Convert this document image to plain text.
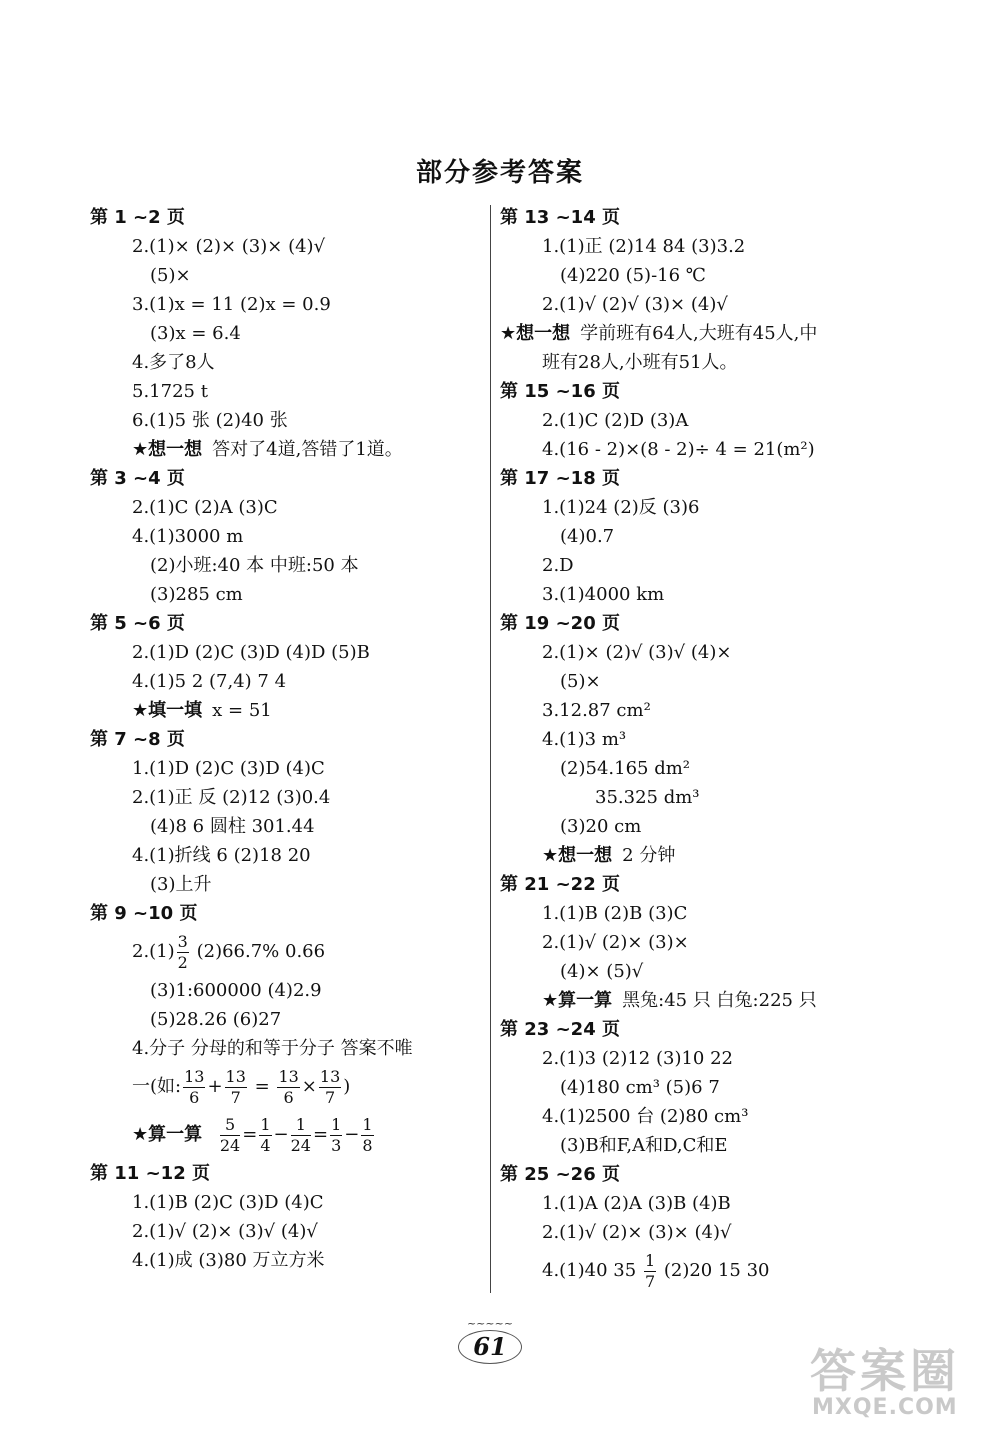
部分参考答案
第 1 ~2 页
2.(1)× (2)× (3)× (4)√
(5)×
3.(1)x = 11 (2)x = 0.9
(3)x = 6.4
4.多了8人
5.1725 t
6.(1)5 张 (2)40 张
★想一想 答对了4道,答错了1道。
第 3 ~4 页
2.(1)C (2)A (3)C
4.(1)3000 m
(2)小班:40 本 中班:50 本
(3)285 cm
第 5 ~6 页
2.(1)D (2)C (3)D (4)D (5)B
4.(1)5 2 (7,4) 7 4
★填一填 x = 51
第 7 ~8 页
1.(1)D (2)C (3)D (4)C
2.(1)正 反 (2)12 (3)0.4
(4)8 6 圆柱 301.44
4.(1)折线 6 (2)18 20
(3)上升
第 9 ~10 页
$2.(1) \frac{3}{2} (2)66.7\%$ 0.66
(3)1:600000 (4)2.9
(5)28.26 (6)27
4.分子 分母的和等于分子 答案不唯
一(如: $\frac{13}{6} + \frac{13}{7} = \frac{13}{6} \times \frac{13}{7}$ )
★算一算 $\frac{5}{24} = \frac{1}{4} - \frac{1}{24} = \frac{1}{3} - \frac{1}{8}$
第 11 ~12 页
1.(1)B (2)C (3)D (4)C
2.(1)√ (2)× (3)√ (4)√
4.(1)成 (3)80 万立方米
第 13 ~14 页
1.(1)正 (2)14 84 (3)3.2
(4)220 (5)-16 ℃
2.(1)√ (2)√ (3)× (4)√
★想一想 学前班有64人,大班有45人,中
班有28人,小班有51人。
第 15 ~16 页
2.(1)C (2)D (3)A
4.(16 - 2)×(8 - 2)÷ 4 = 21(m²)
第 17 ~18 页
1.(1)24 (2)反 (3)6
(4)0.7
2.D
3.(1)4000 km
第 19 ~20 页
2.(1)× (2)√ (3)√ (4)×
(5)×
3.12.87 cm²
4.(1)3 m³
(2)54.165 dm²
35.325 dm³
(3)20 cm
★想一想 2 分钟
第 21 ~22 页
1.(1)B (2)B (3)C
2.(1)√ (2)× (3)×
(4)× (5)√
★算一算 黑兔:45 只 白兔:225 只
第 23 ~24 页
2.(1)3 (2)12 (3)10 22
(4)180 cm³ (5)6 7
4.(1)2500 台 (2)80 cm³
(3)B和F,A和D,C和E
第 25 ~26 页
1.(1)A (2)A (3)B (4)B
2.(1)√ (2)× (3)× (4)√
4.(1)40 $35 \frac{1}{7} (2)20$ 15 30
~~~~~
61	答案圈
MXQE.COM
